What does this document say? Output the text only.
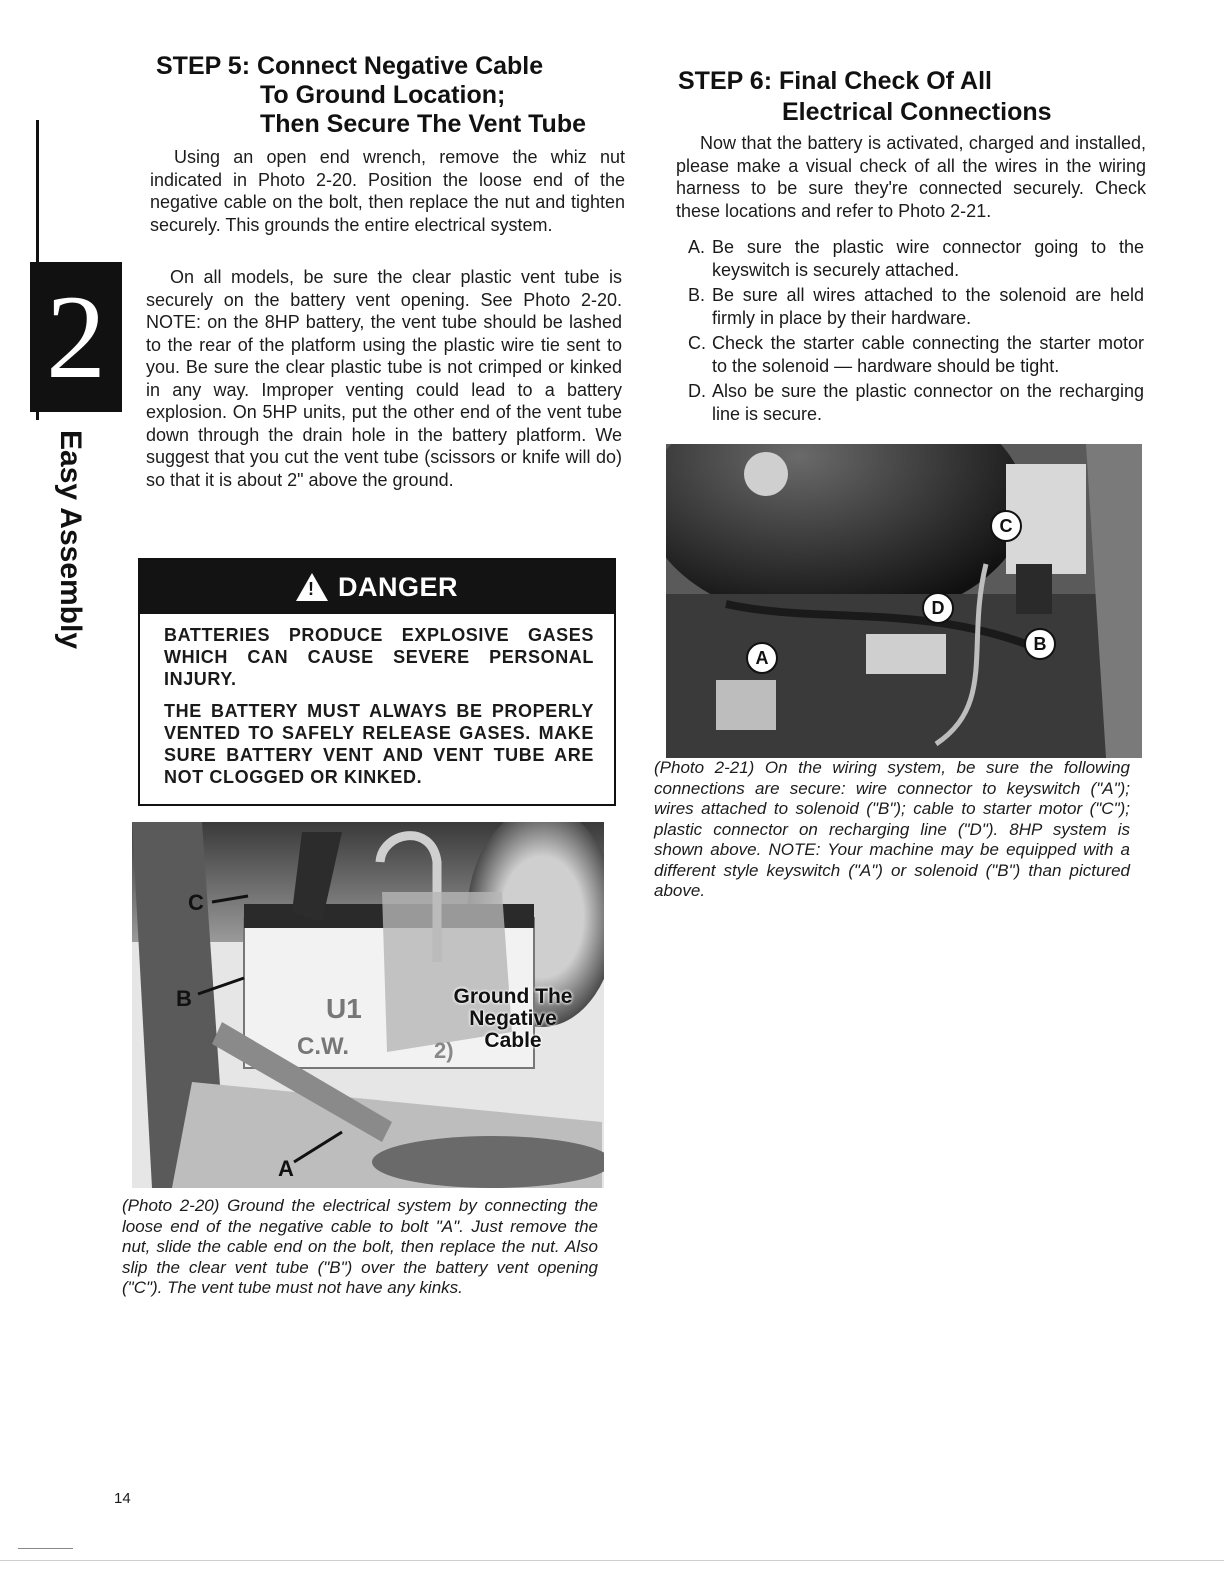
2
Easy Assembly
STEP 5: Connect Negative Cable
To Ground Location;
Then Secure The Vent Tube
Using an open end wrench, remove the whiz nut indicated in Photo 2-20. Position the loose end of the negative cable on the bolt, then replace the nut and tighten securely. This grounds the entire electrical system.
On all models, be sure the clear plastic vent tube is securely on the battery vent opening. See Photo 2-20. NOTE: on the 8HP battery, the vent tube should be lashed to the rear of the platform using the plastic wire tie sent to you. Be sure the clear plastic tube is not crimped or kinked in any way. Improper venting could lead to a battery explosion. On 5HP units, put the other end of the vent tube down through the drain hole in the battery platform. We suggest that you cut the vent tube (scissors or knife will do) so that it is about 2" above the ground.
!
DANGER
BATTERIES PRODUCE EXPLOSIVE GASES WHICH CAN CAUSE SEVERE PERSONAL INJURY.
THE BATTERY MUST ALWAYS BE PROPERLY VENTED TO SAFELY RELEASE GASES. MAKE SURE BATTERY VENT AND VENT TUBE ARE NOT CLOGGED OR KINKED.
U1
C.W.	2)
C
B
A
Ground The
Negative
Cable
(Photo 2-20) Ground the electrical system by connecting the loose end of the negative cable to bolt "A". Just remove the nut, slide the cable end on the bolt, then replace the nut. Also slip the clear vent tube ("B") over the battery vent opening ("C"). The vent tube must not have any kinks.
STEP 6: Final Check Of All
Electrical Connections
Now that the battery is activated, charged and installed, please make a visual check of all the wires in the wiring harness to be sure they're connected securely. Check these locations and refer to Photo 2-21.
A. Be sure the plastic wire connector going to the keyswitch is securely attached.
B. Be sure all wires attached to the solenoid are held firmly in place by their hardware.
C. Check the starter cable connecting the starter motor to the solenoid — hardware should be tight.
D. Also be sure the plastic connector on the recharging line is secure.
C
D
B
A
(Photo 2-21) On the wiring system, be sure the following connections are secure: wire connector to keyswitch ("A"); wires attached to solenoid ("B"); cable to starter motor ("C"); plastic connector on recharging line ("D"). 8HP system is shown above. NOTE: Your machine may be equipped with a different style keyswitch ("A") or solenoid ("B") than pictured above.
14
